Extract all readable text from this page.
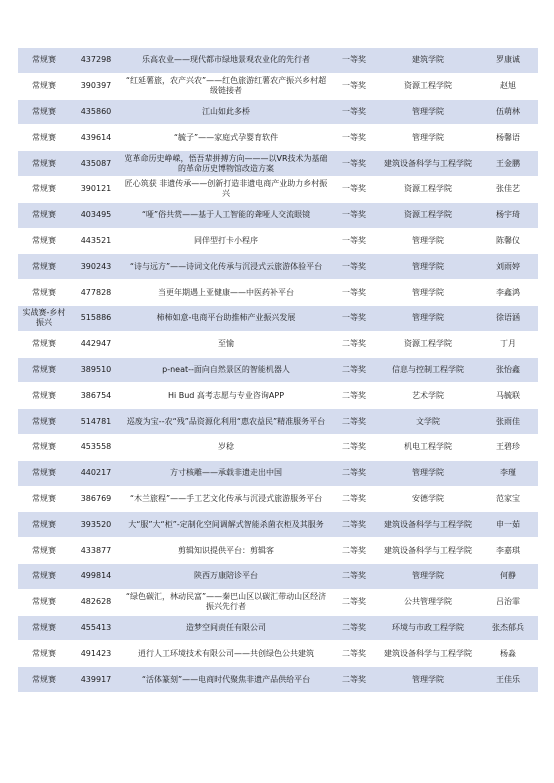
常规赛	437298	乐高农业——现代都市绿地景观农业化的先行者	一等奖	建筑学院	罗康诚
常规赛	390397	“红延薯旅，农产兴农”——红色旅游红薯农产振兴乡村超级链接者	一等奖	资源工程学院	赵旭
常规赛	435860	江山如此多桥	一等奖	管理学院	伍萌林
常规赛	439614	“毓子”——家庭式孕婴育软件	一等奖	管理学院	杨馨语
常规赛	435087	览革命历史峥嵘，悟吾辈拼搏方向———以VR技术为基础的革命历史博物馆改造方案	一等奖	建筑设备科学与工程学院	王金鹏
常规赛	390121	匠心筑获 非遗传承——创新打造非遗电商产业助力乡村振兴	一等奖	资源工程学院	张佳艺
常规赛	403495	“哑”俗共赏——基于人工智能的聋哑人交流眼镜	一等奖	资源工程学院	杨宇琦
常规赛	443521	同伴型打卡小程序	一等奖	管理学院	陈馨仪
常规赛	390243	“诗与远方”——诗词文化传承与沉浸式云旅游体验平台	一等奖	管理学院	刘雨婷
常规赛	477828	当更年期遇上亚健康——中医药补平台	一等奖	管理学院	李鑫鸿
实战赛-乡村振兴	515886	柿柿如意-电商平台助推柿产业振兴发展	一等奖	管理学院	徐语涵
常规赛	442947	至愉	二等奖	资源工程学院	丁月
常规赛	389510	p-neat--面向自然景区的智能机器人	二等奖	信息与控制工程学院	张怡鑫
常规赛	386754	Hi Bud 高考志愿与专业咨询APP	二等奖	艺术学院	马毓联
常规赛	514781	巡废为宝--农“残”品资源化利用“惠农益民”精准服务平台	二等奖	文学院	张雨佳
常规赛	453558	岁稔	二等奖	机电工程学院	王碧珍
常规赛	440217	方寸核雕——承载非遗走出中国	二等奖	管理学院	李瑾
常规赛	386769	“木兰旅程”——手工艺文化传承与沉浸式旅游服务平台	二等奖	安德学院	范家宝
常规赛	393520	大“服”大“柜”-定制化空间调解式智能杀菌衣柜及其服务	二等奖	建筑设备科学与工程学院	申一茹
常规赛	433877	剪辑知识提供平台：剪辑客	二等奖	建筑设备科学与工程学院	李嘉琪
常规赛	499814	陕西万康陪诊平台	二等奖	管理学院	何静
常规赛	482628	“绿色碳汇，林动民富”——秦巴山区以碳汇带动山区经济振兴先行者	二等奖	公共管理学院	吕治霏
常规赛	455413	造梦空间责任有限公司	二等奖	环境与市政工程学院	张杰郁兵
常规赛	491423	逍行人工环境技术有限公司——共创绿色公共建筑	二等奖	建筑设备科学与工程学院	杨淼
常规赛	439917	“活体篆刻”——电商时代聚焦非遗产品供给平台	二等奖	管理学院	王佳乐
